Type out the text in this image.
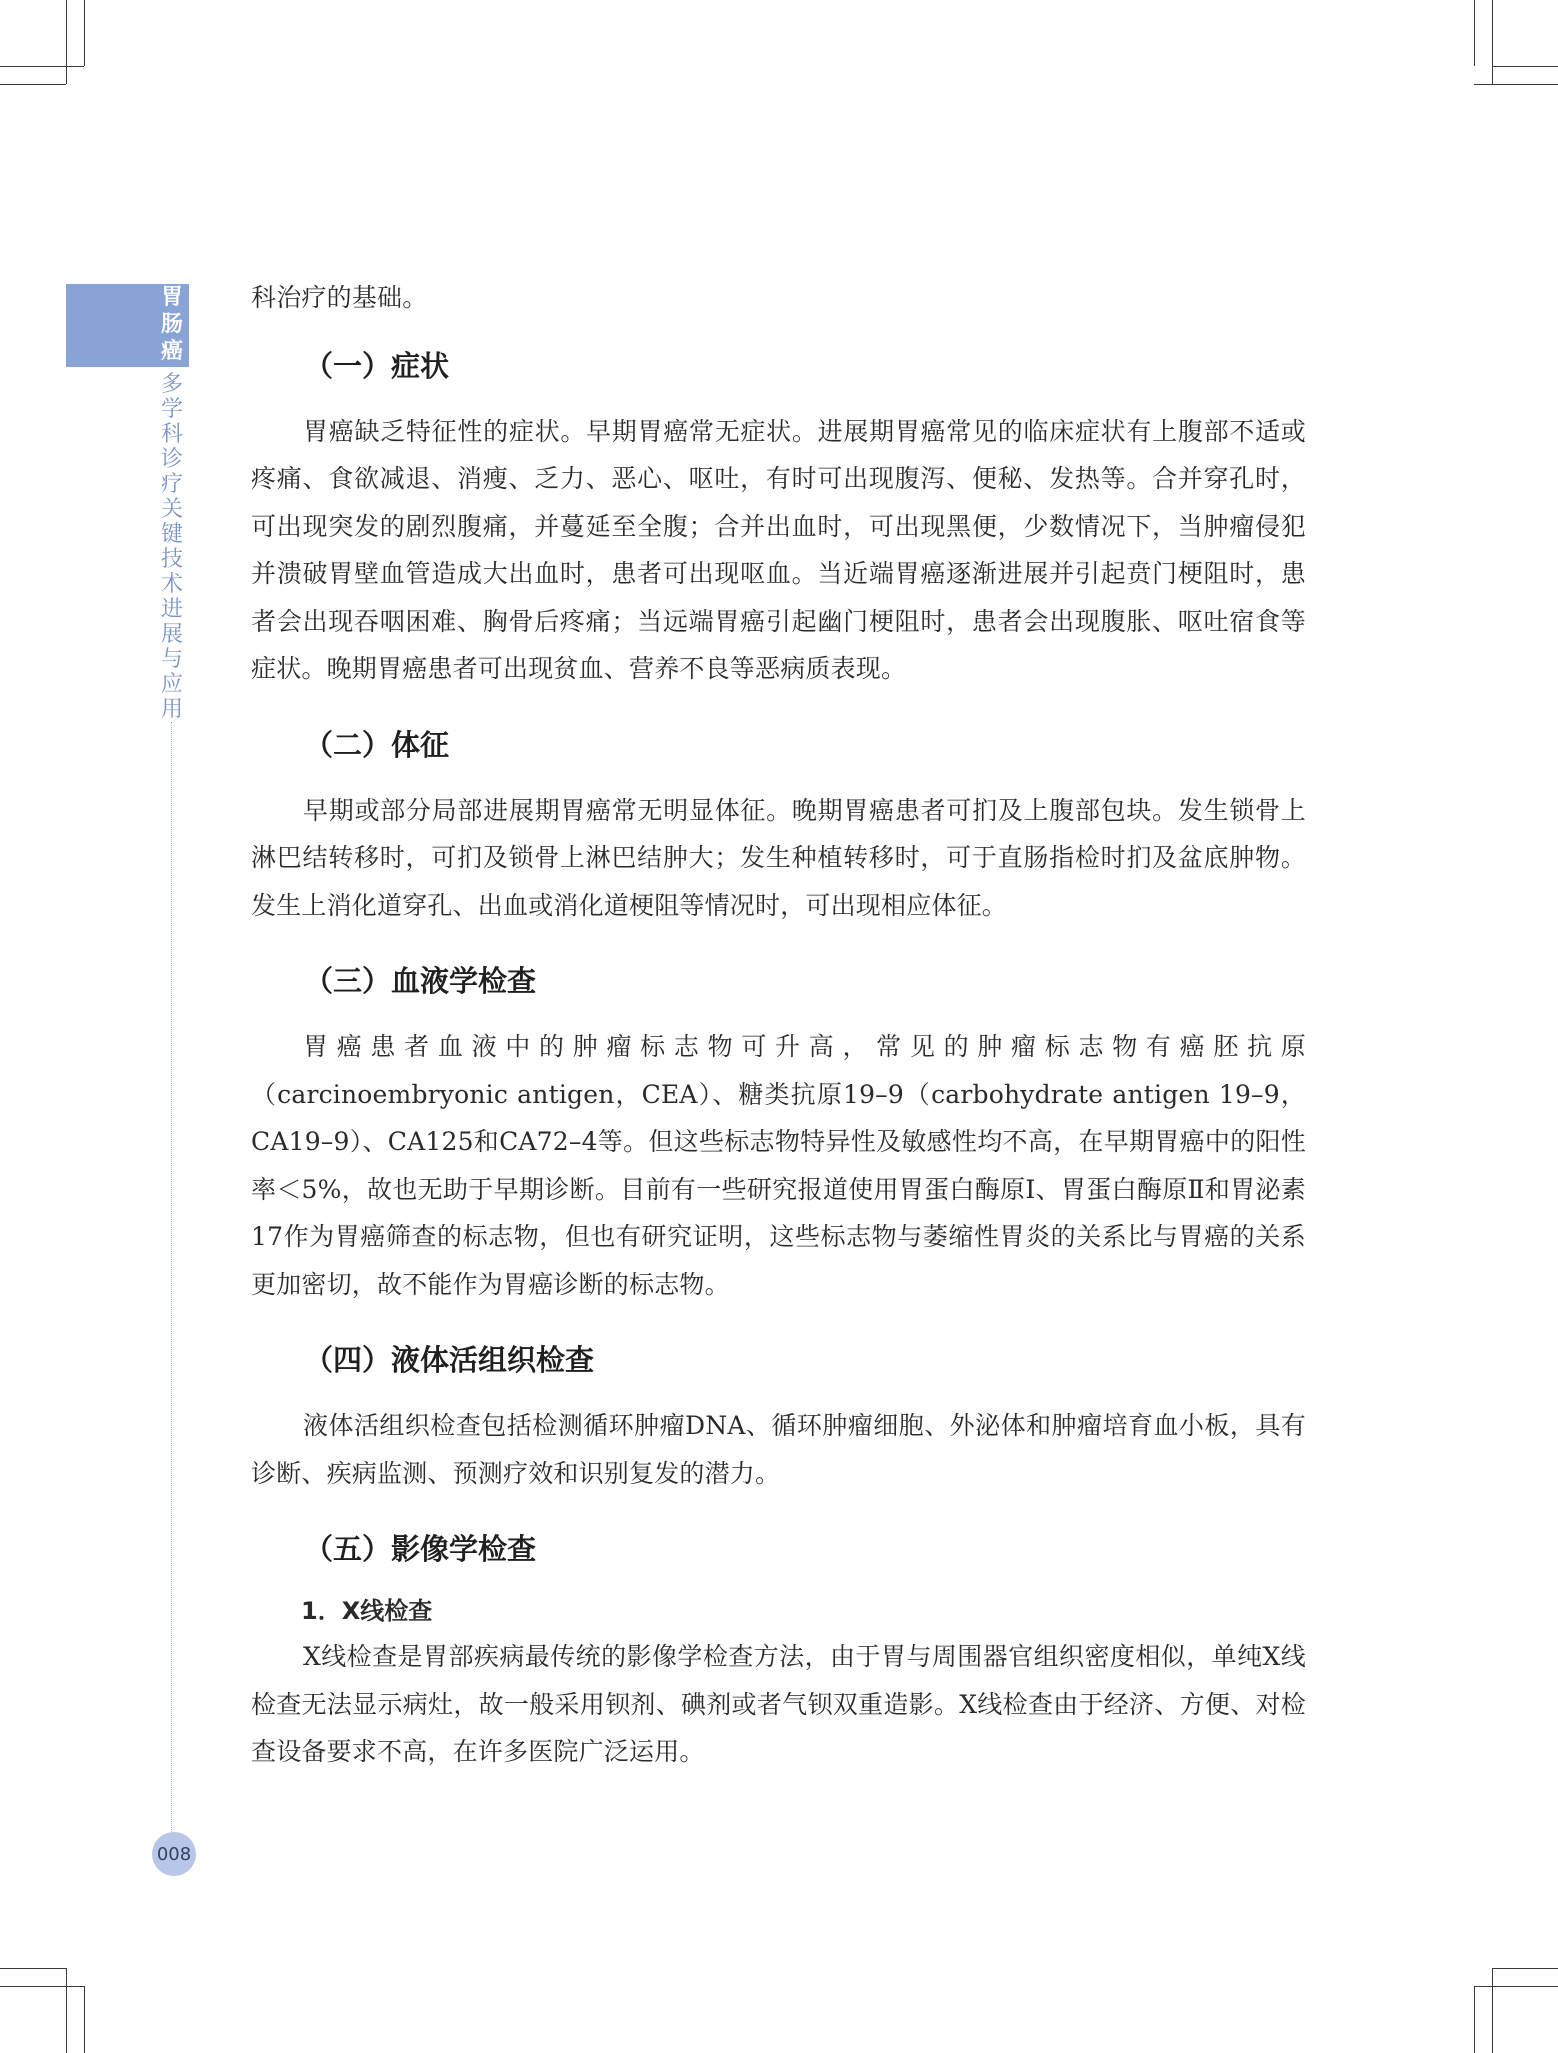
胃
肠
癌
多
学
科
诊
疗
关
键
技
术
进
展
与
应
用
008

科治疗的基础。

（一）症状

胃癌缺乏特征性的症状。早期胃癌常无症状。进展期胃癌常见的临床症状有上腹部不适或疼痛、食欲减退、消瘦、乏力、恶心、呕吐，有时可出现腹泻、便秘、发热等。合并穿孔时，可出现突发的剧烈腹痛，并蔓延至全腹；合并出血时，可出现黑便，少数情况下，当肿瘤侵犯并溃破胃壁血管造成大出血时，患者可出现呕血。当近端胃癌逐渐进展并引起贲门梗阻时，患者会出现吞咽困难、胸骨后疼痛；当远端胃癌引起幽门梗阻时，患者会出现腹胀、呕吐宿食等症状。晚期胃癌患者可出现贫血、营养不良等恶病质表现。

（二）体征

早期或部分局部进展期胃癌常无明显体征。晚期胃癌患者可扪及上腹部包块。发生锁骨上淋巴结转移时，可扪及锁骨上淋巴结肿大；发生种植转移时，可于直肠指检时扪及盆底肿物。发生上消化道穿孔、出血或消化道梗阻等情况时，可出现相应体征。

（三）血液学检查

胃癌患者血液中的肿瘤标志物可升高，常见的肿瘤标志物有癌胚抗原（carcinoembryonic antigen，CEA）、糖类抗原19–9（carbohydrate antigen 19–9，CA19–9）、CA125和CA72–4等。但这些标志物特异性及敏感性均不高，在早期胃癌中的阳性率＜5%，故也无助于早期诊断。目前有一些研究报道使用胃蛋白酶原Ⅰ、胃蛋白酶原Ⅱ和胃泌素17作为胃癌筛查的标志物，但也有研究证明，这些标志物与萎缩性胃炎的关系比与胃癌的关系更加密切，故不能作为胃癌诊断的标志物。

（四）液体活组织检查

液体活组织检查包括检测循环肿瘤DNA、循环肿瘤细胞、外泌体和肿瘤培育血小板，具有诊断、疾病监测、预测疗效和识别复发的潜力。

（五）影像学检查
1．X线检查

X线检查是胃部疾病最传统的影像学检查方法，由于胃与周围器官组织密度相似，单纯X线检查无法显示病灶，故一般采用钡剂、碘剂或者气钡双重造影。X线检查由于经济、方便、对检查设备要求不高，在许多医院广泛运用。
